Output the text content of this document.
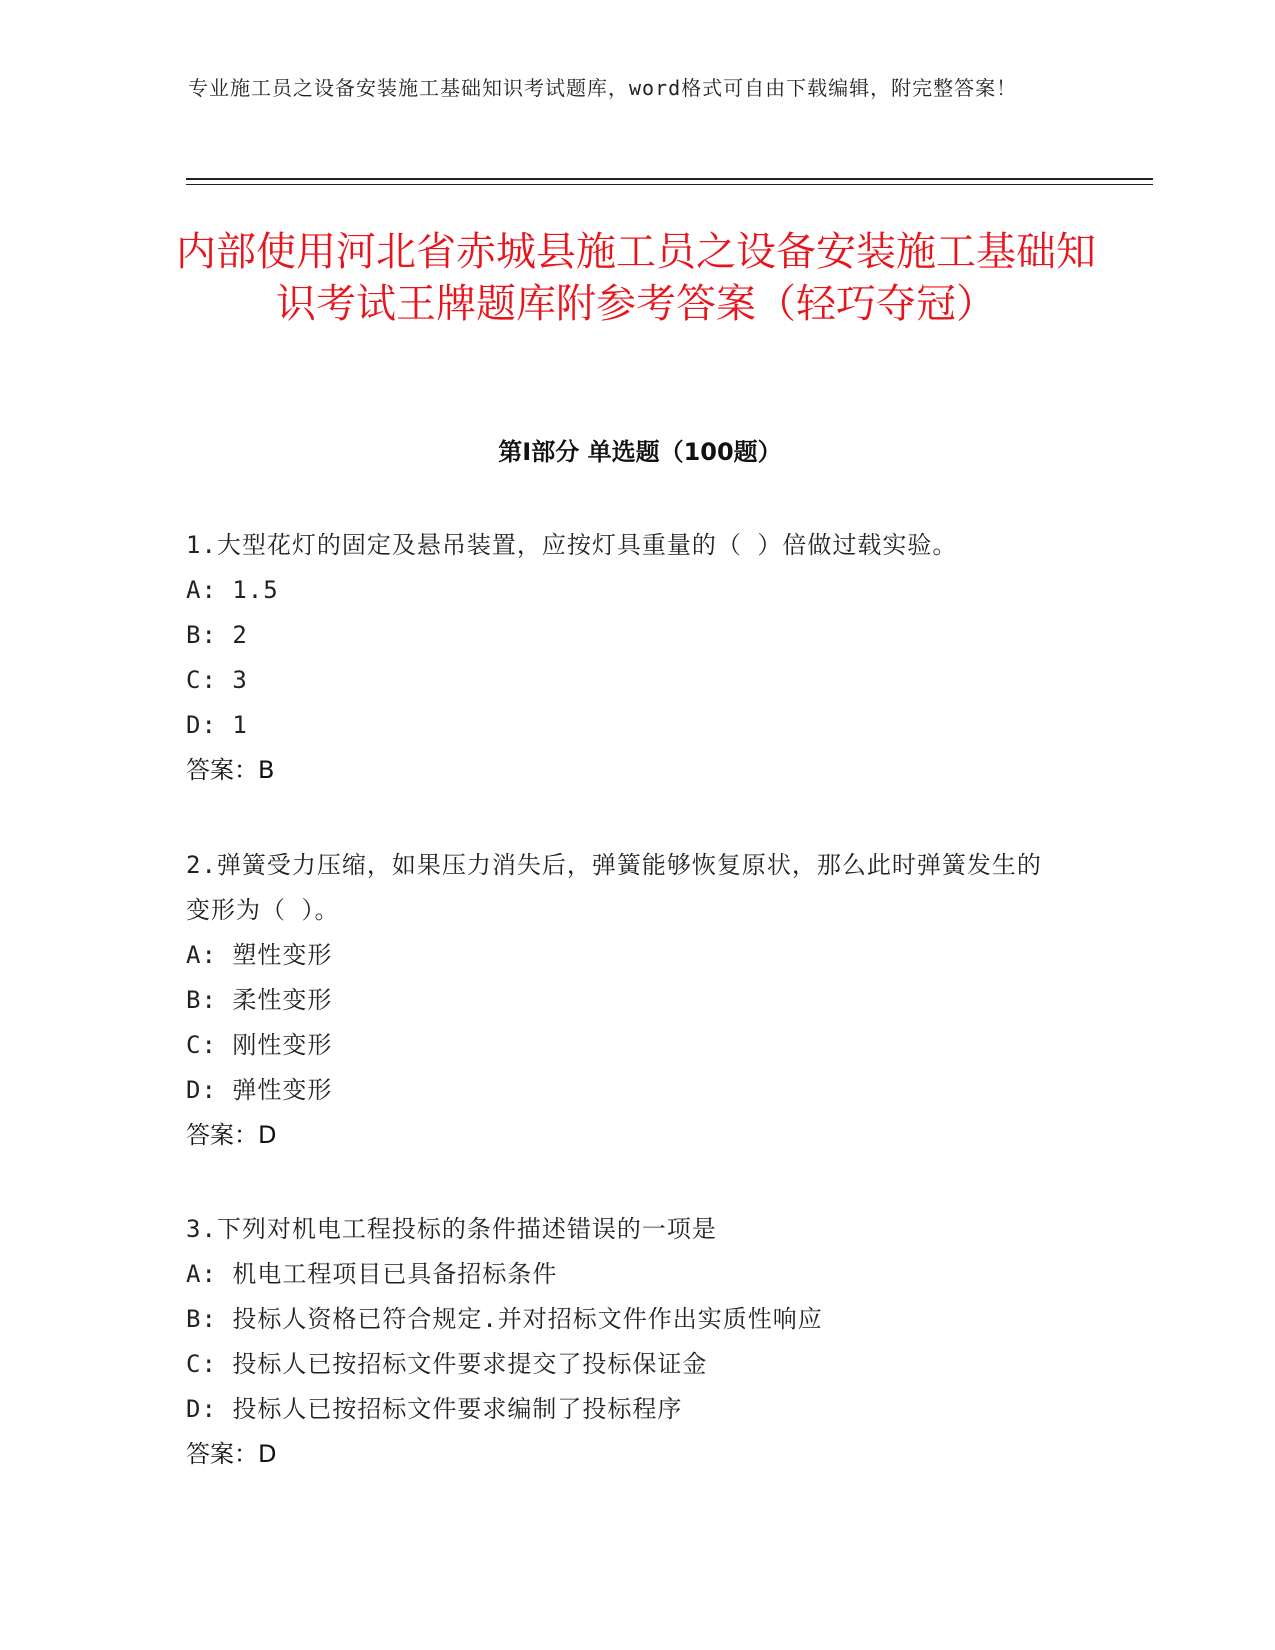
专业施工员之设备安装施工基础知识考试题库，word格式可自由下载编辑，附完整答案！
内部使用河北省赤城县施工员之设备安装施工基础知识考试王牌题库附参考答案（轻巧夺冠）
第Ⅰ部分 单选题（100题）
1.大型花灯的固定及悬吊装置，应按灯具重量的（ ）倍做过载实验。
A: 1.5
B: 2
C: 3
D: 1
答案：B
2.弹簧受力压缩，如果压力消失后，弹簧能够恢复原状，那么此时弹簧发生的变形为（ ）。
A: 塑性变形
B: 柔性变形
C: 刚性变形
D: 弹性变形
答案：D
3.下列对机电工程投标的条件描述错误的一项是
A: 机电工程项目已具备招标条件
B: 投标人资格已符合规定.并对招标文件作出实质性响应
C: 投标人已按招标文件要求提交了投标保证金
D: 投标人已按招标文件要求编制了投标程序
答案：D
